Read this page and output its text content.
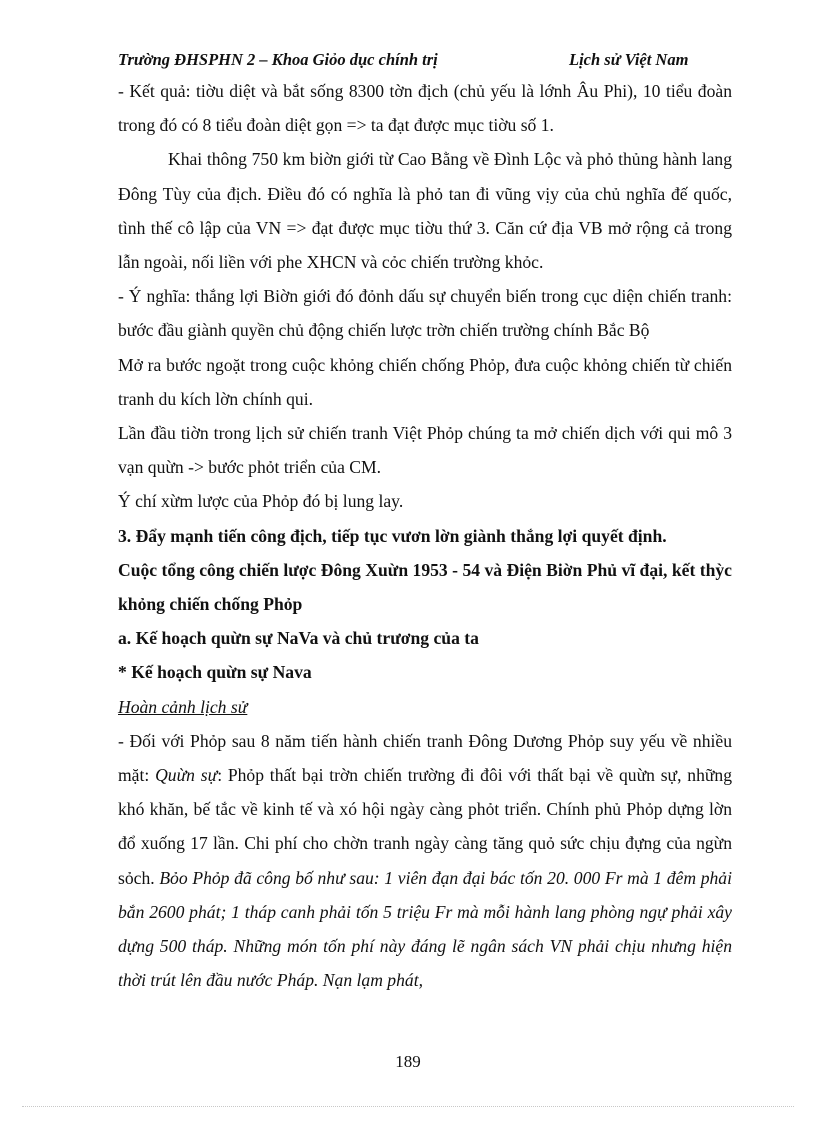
Trường ĐHSPHN 2 – Khoa Giỏo dục chính trị	Lịch sử Việt Nam

- Kết quả: tiờu diệt và bắt sống 8300 tờn địch (chủ yếu là lớnh Âu Phi), 10 tiểu đoàn trong đó có 8 tiểu đoàn diệt gọn => ta đạt được mục tiờu số 1.

Khai thông 750 km biờn giới từ Cao Bằng về Đình Lộc và phỏ thủng hành lang Đông Tùy của địch. Điều đó có nghĩa là phỏ tan đi vũng vịy của chủ nghĩa đế quốc, tình thế cô lập của VN => đạt được mục tiờu thứ 3. Căn cứ địa VB mở rộng cả trong lẫn ngoài, nối liền với phe XHCN và cỏc chiến trường khỏc.

- Ý nghĩa: thắng lợi Biờn giới đó đỏnh dấu sự chuyển biến trong cục diện chiến tranh: bước đầu giành quyền chủ động chiến lược trờn chiến trường chính Bắc Bộ

Mở ra bước ngoặt trong cuộc khỏng chiến chống Phỏp, đưa cuộc khỏng chiến từ chiến tranh du kích lờn chính qui.

Lần đầu tiờn trong lịch sử chiến tranh Việt Phỏp chúng ta mở chiến dịch với qui mô 3 vạn quừn -> bước phỏt triển của CM.

Ý chí xừm lược của Phỏp đó bị lung lay.

3. Đẩy mạnh tiến công địch, tiếp tục vươn lờn giành thắng lợi quyết định.

Cuộc tổng công chiến lược Đông Xuừn 1953 - 54 và Điện Biờn Phủ vĩ đại, kết thỳc khỏng chiến chống Phỏp

a. Kế hoạch quừn sự NaVa và chủ trương của ta

* Kế hoạch quừn sự Nava

Hoàn cảnh lịch sử

- Đối với Phỏp sau 8 năm tiến hành chiến tranh Đông Dương Phỏp suy yếu về nhiều mặt: Quừn sự: Phỏp thất bại trờn chiến trường đi đôi với thất bại về quừn sự, những khó khăn, bế tắc về kinh tế và xó hội ngày càng phỏt triển. Chính phủ Phỏp dựng lờn đổ xuống 17 lần. Chi phí cho chờn tranh ngày càng tăng quỏ sức chịu đựng của ngừn sỏch. Bỏo Phỏp đã công bố như sau: 1 viên đạn đại bác tốn 20. 000 Fr mà 1 đêm phải bắn 2600 phát; 1 tháp canh phải tốn 5 triệu Fr mà mỗi hành lang phòng ngự phải xây dựng 500 tháp. Những món tốn phí này đáng lẽ ngân sách VN phải chịu nhưng hiện thời trút lên đầu nước Pháp. Nạn lạm phát,

189
